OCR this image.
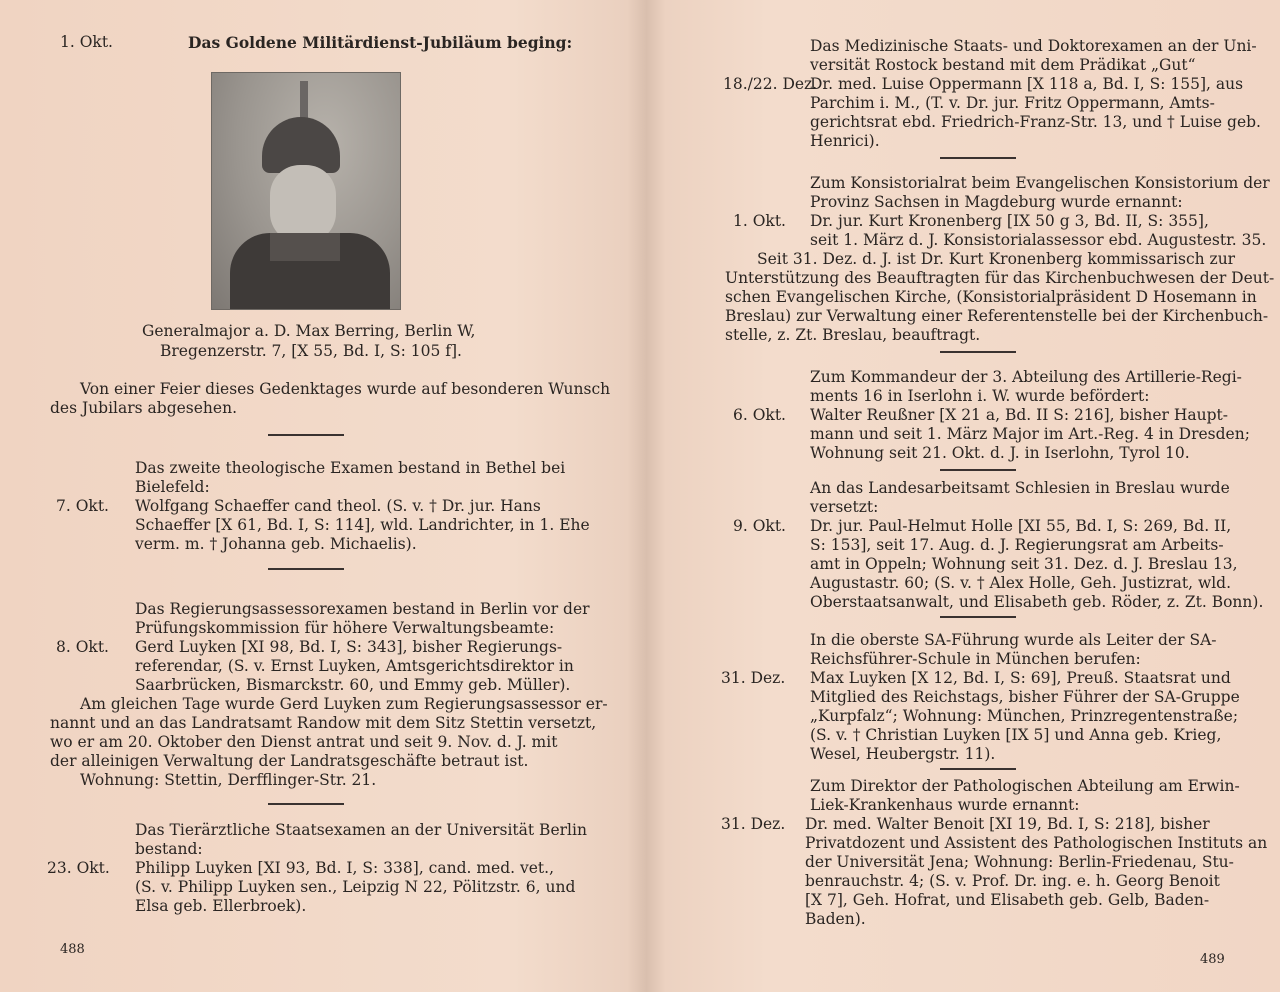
1. Okt.	Das Goldene Militärdienst-Jubiläum beging:
Generalmajor a. D. Max Berring, Berlin W,
Bregenzerstr. 7, [X 55, Bd. I, S: 105 f].
Von einer Feier dieses Gedenktages wurde auf besonderen Wunsch
des Jubilars abgesehen.
Das zweite theologische Examen bestand in Bethel bei
Bielefeld:
7. Okt. Wolfgang Schaeffer cand theol. (S. v. † Dr. jur. Hans
Schaeffer [X 61, Bd. I, S: 114], wld. Landrichter, in 1. Ehe
verm. m. † Johanna geb. Michaelis).
Das Regierungsassessorexamen bestand in Berlin vor der
Prüfungskommission für höhere Verwaltungsbeamte:
8. Okt. Gerd Luyken [XI 98, Bd. I, S: 343], bisher Regierungs-
referendar, (S. v. Ernst Luyken, Amtsgerichtsdirektor in
Saarbrücken, Bismarckstr. 60, und Emmy geb. Müller).
Am gleichen Tage wurde Gerd Luyken zum Regierungsassessor er-
nannt und an das Landratsamt Randow mit dem Sitz Stettin versetzt,
wo er am 20. Oktober den Dienst antrat und seit 9. Nov. d. J. mit
der alleinigen Verwaltung der Landratsgeschäfte betraut ist.
Wohnung: Stettin, Derfflinger-Str. 21.
Das Tierärztliche Staatsexamen an der Universität Berlin
bestand:
23. Okt. Philipp Luyken [XI 93, Bd. I, S: 338], cand. med. vet.,
(S. v. Philipp Luyken sen., Leipzig N 22, Pölitzstr. 6, und
Elsa geb. Ellerbroek).
488
Das Medizinische Staats- und Doktorexamen an der Uni-
versität Rostock bestand mit dem Prädikat „Gut“
18./22. Dez.
Dr. med. Luise Oppermann [X 118 a, Bd. I, S: 155], aus
Parchim i. M., (T. v. Dr. jur. Fritz Oppermann, Amts-
gerichtsrat ebd. Friedrich-Franz-Str. 13, und † Luise geb.
Henrici).
Zum Konsistorialrat beim Evangelischen Konsistorium der
Provinz Sachsen in Magdeburg wurde ernannt:
1. Okt. Dr. jur. Kurt Kronenberg [IX 50 g 3, Bd. II, S: 355],
seit 1. März d. J. Konsistorialassessor ebd. Augustestr. 35.
Seit 31. Dez. d. J. ist Dr. Kurt Kronenberg kommissarisch zur
Unterstützung des Beauftragten für das Kirchenbuchwesen der Deut-
schen Evangelischen Kirche, (Konsistorialpräsident D Hosemann in
Breslau) zur Verwaltung einer Referentenstelle bei der Kirchenbuch-
stelle, z. Zt. Breslau, beauftragt.
Zum Kommandeur der 3. Abteilung des Artillerie-Regi-
ments 16 in Iserlohn i. W. wurde befördert:
6. Okt. Walter Reußner [X 21 a, Bd. II S: 216], bisher Haupt-
mann und seit 1. März Major im Art.-Reg. 4 in Dresden;
Wohnung seit 21. Okt. d. J. in Iserlohn, Tyrol 10.
An das Landesarbeitsamt Schlesien in Breslau wurde
versetzt:
9. Okt. Dr. jur. Paul-Helmut Holle [XI 55, Bd. I, S: 269, Bd. II,
S: 153], seit 17. Aug. d. J. Regierungsrat am Arbeits-
amt in Oppeln; Wohnung seit 31. Dez. d. J. Breslau 13,
Augustastr. 60; (S. v. † Alex Holle, Geh. Justizrat, wld.
Oberstaatsanwalt, und Elisabeth geb. Röder, z. Zt. Bonn).
In die oberste SA-Führung wurde als Leiter der SA-
Reichsführer-Schule in München berufen:
31. Dez. Max Luyken [X 12, Bd. I, S: 69], Preuß. Staatsrat und
Mitglied des Reichstags, bisher Führer der SA-Gruppe
„Kurpfalz“; Wohnung: München, Prinzregentenstraße;
(S. v. † Christian Luyken [IX 5] und Anna geb. Krieg,
Wesel, Heubergstr. 11).
Zum Direktor der Pathologischen Abteilung am Erwin-
Liek-Krankenhaus wurde ernannt:
31. Dez. Dr. med. Walter Benoit [XI 19, Bd. I, S: 218], bisher
Privatdozent und Assistent des Pathologischen Instituts an
der Universität Jena; Wohnung: Berlin-Friedenau, Stu-
benrauchstr. 4; (S. v. Prof. Dr. ing. e. h. Georg Benoit
[X 7], Geh. Hofrat, und Elisabeth geb. Gelb, Baden-
Baden).
489
